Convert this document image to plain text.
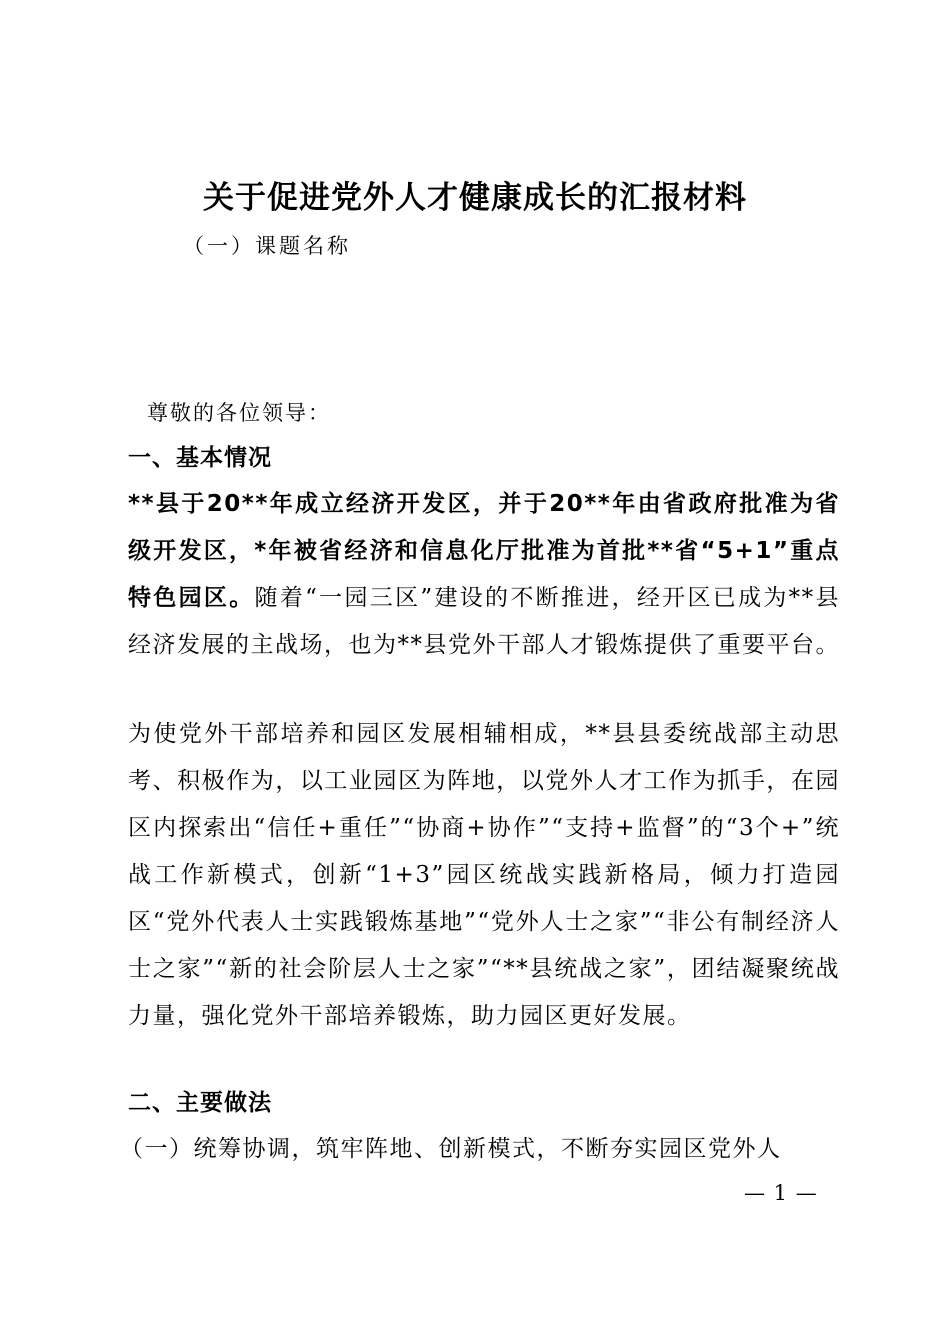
关于促进党外人才健康成长的汇报材料
（一）课题名称
尊敬的各位领导：
一、基本情况

**县于20**年成立经济开发区，并于20**年由省政府批准为省级开发区，*年被省经济和信息化厅批准为首批**省“5+1”重点特色园区。随着“一园三区”建设的不断推进，经开区已成为**县经济发展的主战场，也为**县党外干部人才锻炼提供了重要平台。

为使党外干部培养和园区发展相辅相成，**县县委统战部主动思考、积极作为，以工业园区为阵地，以党外人才工作为抓手，在园区内探索出“信任+重任”“协商+协作”“支持+监督”的“3个+”统战工作新模式，创新“1+3”园区统战实践新格局，倾力打造园区“党外代表人士实践锻炼基地”“党外人士之家”“非公有制经济人士之家”“新的社会阶层人士之家”“**县统战之家”，团结凝聚统战力量，强化党外干部培养锻炼，助力园区更好发展。

二、主要做法

（一）统筹协调，筑牢阵地、创新模式，不断夯实园区党外人

— 1 —
